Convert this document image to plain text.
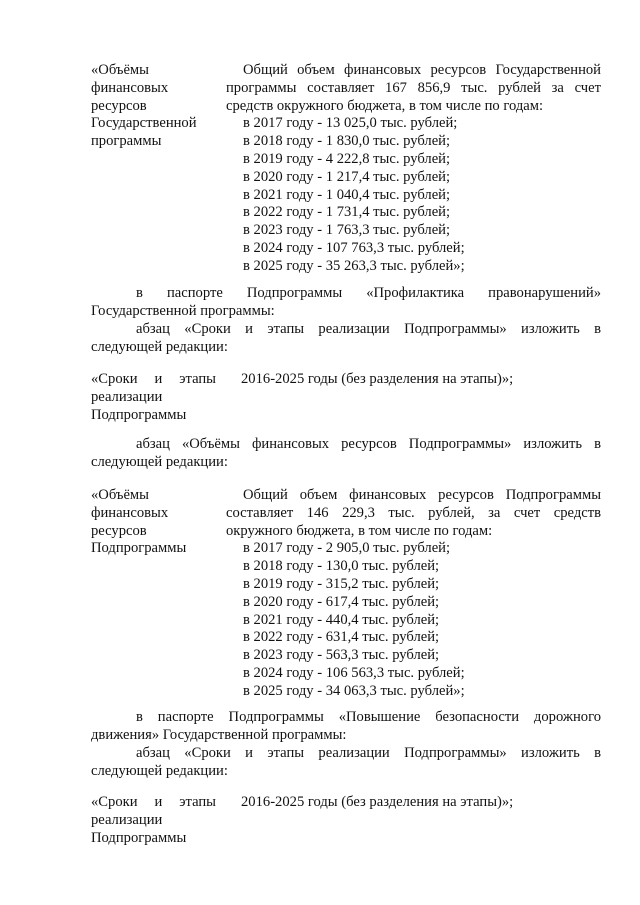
«Объёмы
финансовых
ресурсов
Государственной
программы
Общий объем финансовых ресурсов Государственной
программы составляет 167 856,9 тыс. рублей за счет
средств окружного бюджета, в том числе по годам:
в 2017 году - 13 025,0 тыс. рублей;
в 2018 году - 1 830,0 тыс. рублей;
в 2019 году - 4 222,8 тыс. рублей;
в 2020 году - 1 217,4 тыс. рублей;
в 2021 году - 1 040,4 тыс. рублей;
в 2022 году - 1 731,4 тыс. рублей;
в 2023 году - 1 763,3 тыс. рублей;
в 2024 году - 107 763,3 тыс. рублей;
в 2025 году - 35 263,3 тыс. рублей»;
в паспорте Подпрограммы «Профилактика правонарушений»
Государственной программы:
абзац «Сроки и этапы реализации Подпрограммы» изложить в
следующей редакции:
«Сроки и этапы
реализации
Подпрограммы
2016-2025 годы (без разделения на этапы)»;
абзац «Объёмы финансовых ресурсов Подпрограммы» изложить в
следующей редакции:
«Объёмы
финансовых
ресурсов
Подпрограммы
Общий объем финансовых ресурсов Подпрограммы
составляет 146 229,3 тыс. рублей, за счет средств
окружного бюджета, в том числе по годам:
в 2017 году - 2 905,0 тыс. рублей;
в 2018 году - 130,0 тыс. рублей;
в 2019 году - 315,2 тыс. рублей;
в 2020 году - 617,4 тыс. рублей;
в 2021 году - 440,4 тыс. рублей;
в 2022 году - 631,4 тыс. рублей;
в 2023 году - 563,3 тыс. рублей;
в 2024 году - 106 563,3 тыс. рублей;
в 2025 году - 34 063,3 тыс. рублей»;
в паспорте Подпрограммы «Повышение безопасности дорожного
движения» Государственной программы:
абзац «Сроки и этапы реализации Подпрограммы» изложить в
следующей редакции:
«Сроки и этапы
реализации
Подпрограммы
2016-2025 годы (без разделения на этапы)»;
